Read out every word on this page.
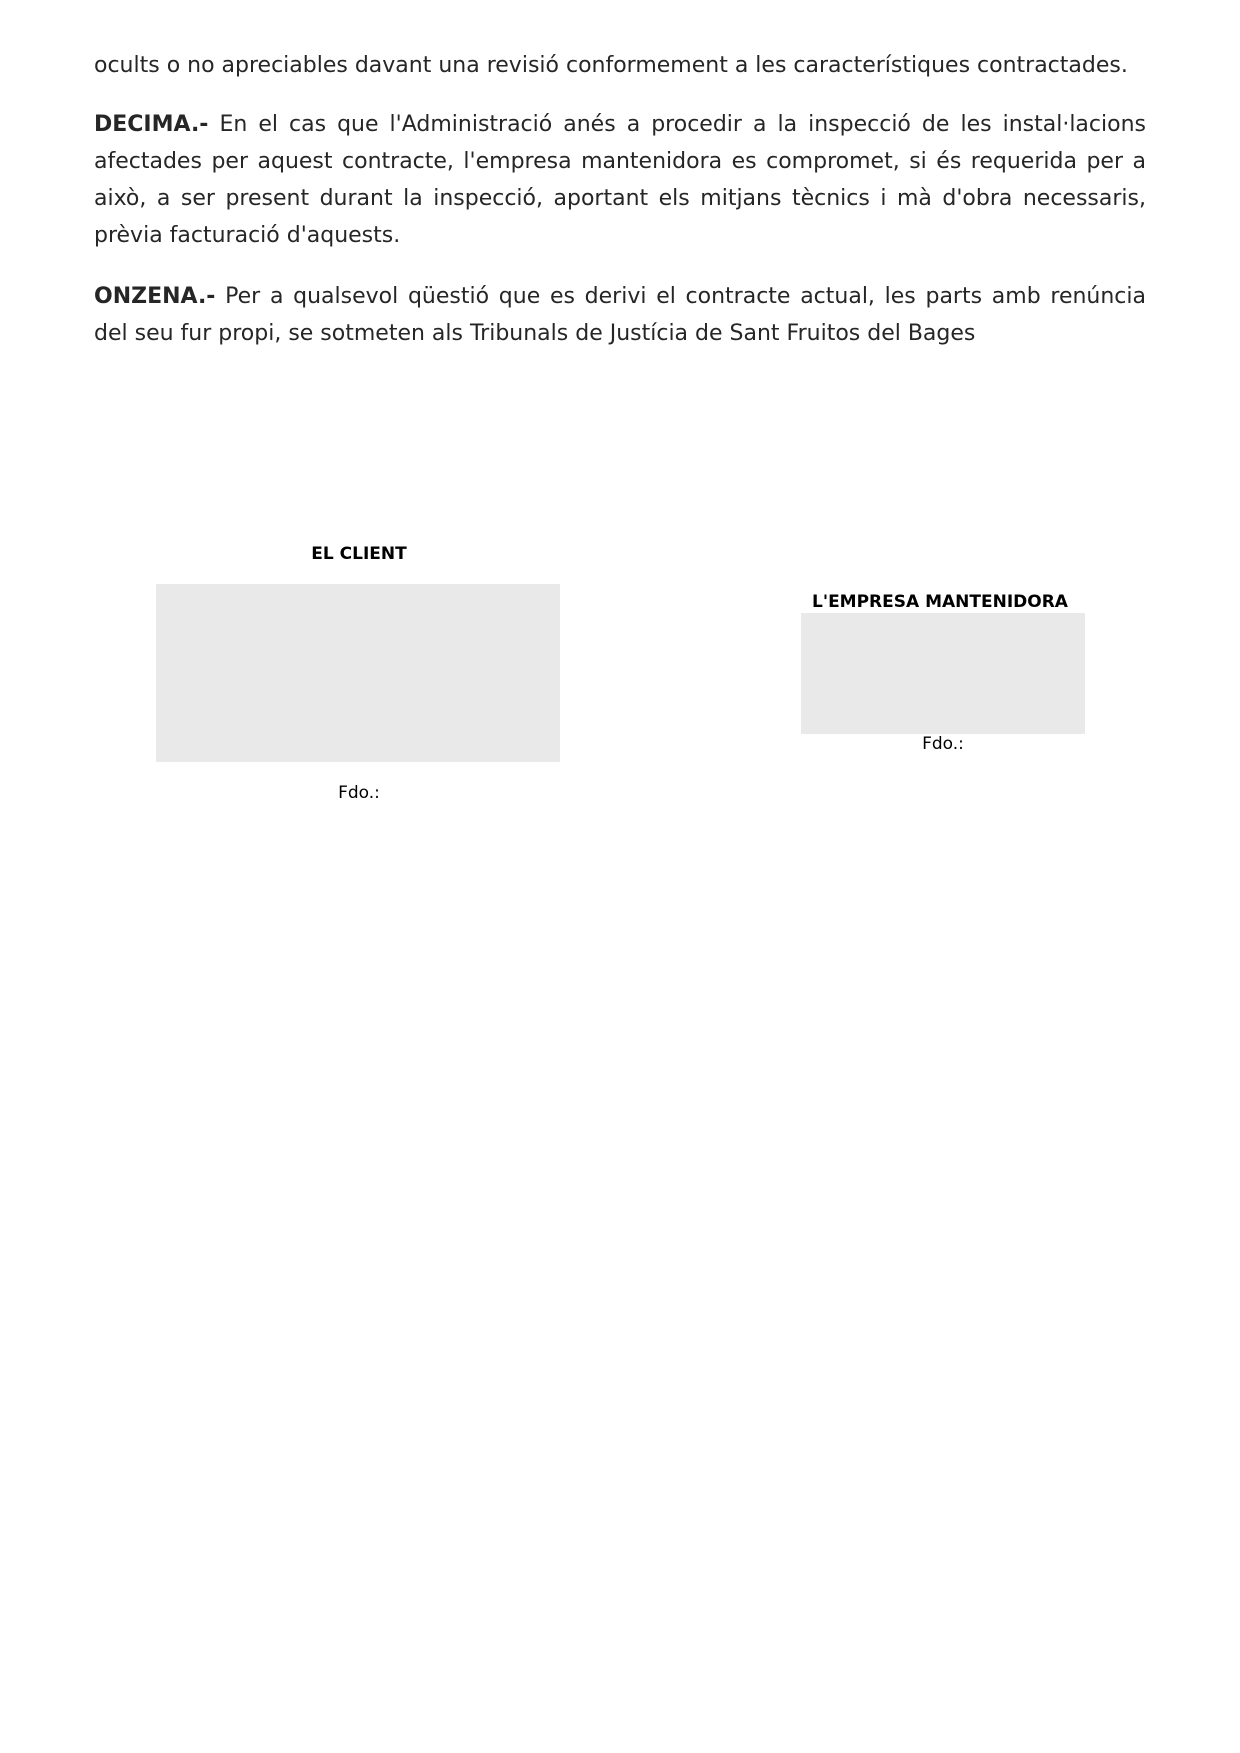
ocults o no apreciables davant una revisió conformement a les característiques contractades.

DECIMA.- En el cas que l'Administració anés a procedir a la inspecció de les instal·lacions afectades per aquest contracte, l'empresa mantenidora es compromet, si és requerida per a això, a ser present durant la inspecció, aportant els mitjans tècnics i mà d'obra necessaris, prèvia facturació d'aquests.

ONZENA.- Per a qualsevol qüestió que es derivi el contracte actual, les parts amb renúncia del seu fur propi, se sotmeten als Tribunals de Justícia de Sant Fruitos del Bages

EL CLIENT

Fdo.:

L'EMPRESA MANTENIDORA

Fdo.:
